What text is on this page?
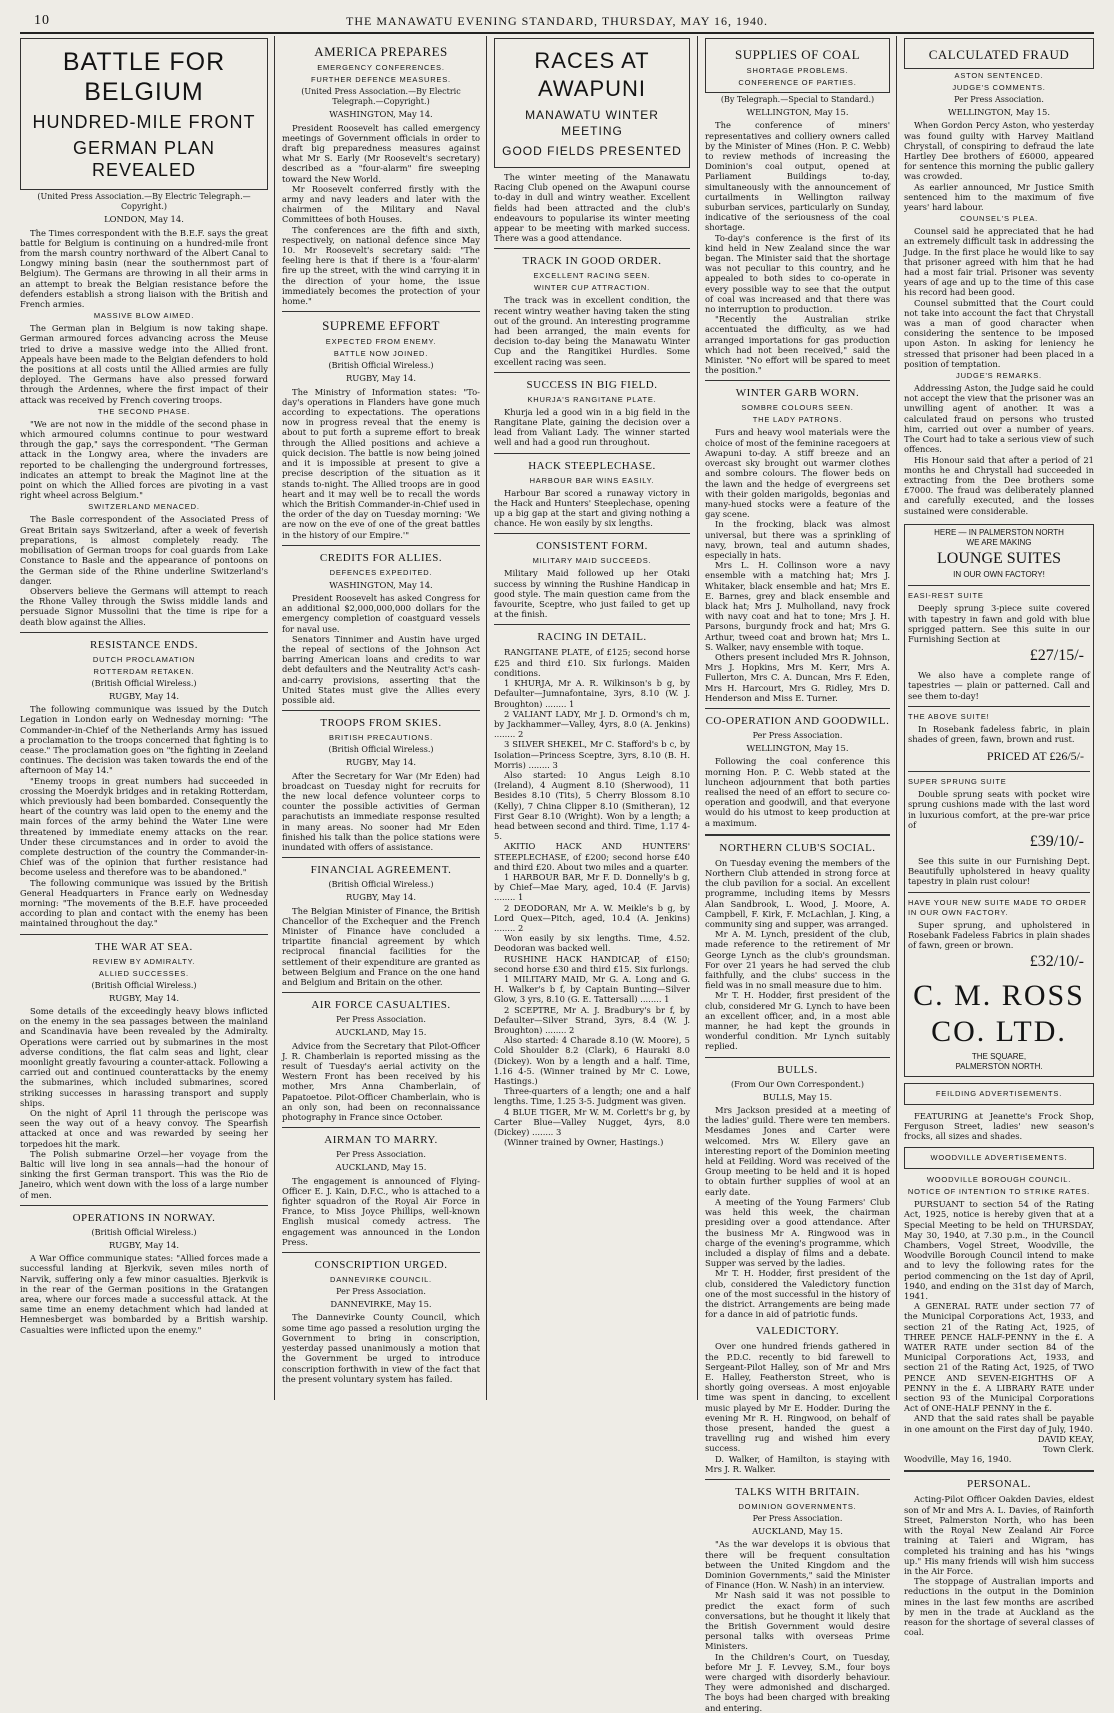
10	THE MANAWATU EVENING STANDARD, THURSDAY, MAY 16, 1940.
BATTLE FOR BELGIUM
HUNDRED-MILE FRONT
GERMAN PLAN REVEALED
(United Press Association.—By Electric Telegraph.—Copyright.)
LONDON, May 14.

The Times correspondent with the B.E.F. says the great battle for Belgium is continuing on a hundred-mile front from the marsh country northward of the Albert Canal to Longwy mining basin (near the southernmost part of Belgium). The Germans are throwing in all their arms in an attempt to break the Belgian resistance before the defenders establish a strong liaison with the British and French armies.

MASSIVE BLOW AIMED.

The German plan in Belgium is now taking shape. German armoured forces advancing across the Meuse tried to drive a massive wedge into the Allied front. Appeals have been made to the Belgian defenders to hold the positions at all costs until the Allied armies are fully deployed. The Germans have also pressed forward through the Ardennes, where the first impact of their attack was received by French covering troops.

THE SECOND PHASE.

"We are not now in the middle of the second phase in which armoured columns continue to pour westward through the gap," says the correspondent. "The German attack in the Longwy area, where the invaders are reported to be challenging the underground fortresses, indicates an attempt to break the Maginot line at the point on which the Allied forces are pivoting in a vast right wheel across Belgium."

SWITZERLAND MENACED.

The Basle correspondent of the Associated Press of Great Britain says Switzerland, after a week of feverish preparations, is almost completely ready. The mobilisation of German troops for coal guards from Lake Constance to Basle and the appearance of pontoons on the German side of the Rhine underline Switzerland's danger.

Observers believe the Germans will attempt to reach the Rhone Valley through the Swiss middle lands and persuade Signor Mussolini that the time is ripe for a death blow against the Allies.

RESISTANCE ENDS.
DUTCH PROCLAMATION
ROTTERDAM RETAKEN.
(British Official Wireless.)
RUGBY, May 14.

The following communique was issued by the Dutch Legation in London early on Wednesday morning: "The Commander-in-Chief of the Netherlands Army has issued a proclamation to the troops concerned that fighting is to cease." The proclamation goes on "the fighting in Zeeland continues. The decision was taken towards the end of the afternoon of May 14."

"Enemy troops in great numbers had succeeded in crossing the Moerdyk bridges and in retaking Rotterdam, which previously had been bombarded. Consequently the heart of the country was laid open to the enemy and the main forces of the army behind the Water Line were threatened by immediate enemy attacks on the rear. Under these circumstances and in order to avoid the complete destruction of the country the Commander-in-Chief was of the opinion that further resistance had become useless and therefore was to be abandoned."

The following communique was issued by the British General Headquarters in France early on Wednesday morning: "The movements of the B.E.F. have proceeded according to plan and contact with the enemy has been maintained throughout the day."

THE WAR AT SEA.
REVIEW BY ADMIRALTY.
ALLIED SUCCESSES.
(British Official Wireless.)
RUGBY, May 14.

Some details of the exceedingly heavy blows inflicted on the enemy in the sea passages between the mainland and Scandinavia have been revealed by the Admiralty. Operations were carried out by submarines in the most adverse conditions, the flat calm seas and light, clear moonlight greatly favouring a counter-attack. Following a carried out and continued counterattacks by the enemy the submarines, which included submarines, scored striking successes in harassing transport and supply ships.

On the night of April 11 through the periscope was seen the way out of a heavy convoy. The Spearfish attacked at once and was rewarded by seeing her torpedoes hit the mark.

The Polish submarine Orzel—her voyage from the Baltic will live long in sea annals—had the honour of sinking the first German transport. This was the Rio de Janeiro, which went down with the loss of a large number of men.

OPERATIONS IN NORWAY.
(British Official Wireless.)
RUGBY, May 14.

A War Office communique states: "Allied forces made a successful landing at Bjerkvik, seven miles north of Narvik, suffering only a few minor casualties. Bjerkvik is in the rear of the German positions in the Gratangen area, where our forces made a successful attack. At the same time an enemy detachment which had landed at Hemnesberget was bombarded by a British warship. Casualties were inflicted upon the enemy."

AMERICA PREPARES
EMERGENCY CONFERENCES.
FURTHER DEFENCE MEASURES.
(United Press Association.—By Electric Telegraph.—Copyright.)
WASHINGTON, May 14.

President Roosevelt has called emergency meetings of Government officials in order to draft big preparedness measures against what Mr S. Early (Mr Roosevelt's secretary) described as a "four-alarm" fire sweeping toward the New World.

Mr Roosevelt conferred firstly with the army and navy leaders and later with the chairmen of the Military and Naval Committees of both Houses.

The conferences are the fifth and sixth, respectively, on national defence since May 10. Mr Roosevelt's secretary said: "The feeling here is that if there is a 'four-alarm' fire up the street, with the wind carrying it in the direction of your home, the issue immediately becomes the protection of your home."

SUPREME EFFORT
EXPECTED FROM ENEMY.
BATTLE NOW JOINED.
(British Official Wireless.)
RUGBY, May 14.

The Ministry of Information states: "To-day's operations in Flanders have gone much according to expectations. The operations now in progress reveal that the enemy is about to put forth a supreme effort to break through the Allied positions and achieve a quick decision. The battle is now being joined and it is impossible at present to give a precise description of the situation as it stands to-night. The Allied troops are in good heart and it may well be to recall the words which the British Commander-in-Chief used in the order of the day on Tuesday morning: 'We are now on the eve of one of the great battles in the history of our Empire.'"

CREDITS FOR ALLIES.
DEFENCES EXPEDITED.
WASHINGTON, May 14.

President Roosevelt has asked Congress for an additional $2,000,000,000 dollars for the emergency completion of coastguard vessels for naval use.

Senators Tinnimer and Austin have urged the repeal of sections of the Johnson Act barring American loans and credits to war debt defaulters and the Neutrality Act's cash-and-carry provisions, asserting that the United States must give the Allies every possible aid.

TROOPS FROM SKIES.
BRITISH PRECAUTIONS.
(British Official Wireless.)
RUGBY, May 14.

After the Secretary for War (Mr Eden) had broadcast on Tuesday night for recruits for the new local defence volunteer corps to counter the possible activities of German parachutists an immediate response resulted in many areas. No sooner had Mr Eden finished his talk than the police stations were inundated with offers of assistance.

FINANCIAL AGREEMENT.
(British Official Wireless.)
RUGBY, May 14.

The Belgian Minister of Finance, the British Chancellor of the Exchequer and the French Minister of Finance have concluded a tripartite financial agreement by which reciprocal financial facilities for the settlement of their expenditure are granted as between Belgium and France on the one hand and Belgium and Britain on the other.

AIR FORCE CASUALTIES.
Per Press Association.
AUCKLAND, May 15.

Advice from the Secretary that Pilot-Officer J. R. Chamberlain is reported missing as the result of Tuesday's aerial activity on the Western Front has been received by his mother, Mrs Anna Chamberlain, of Papatoetoe. Pilot-Officer Chamberlain, who is an only son, had been on reconnaissance photography in France since October.

AIRMAN TO MARRY.
Per Press Association.
AUCKLAND, May 15.

The engagement is announced of Flying-Officer E. J. Kain, D.F.C., who is attached to a fighter squadron of the Royal Air Force in France, to Miss Joyce Phillips, well-known English musical comedy actress. The engagement was announced in the London Press.

CONSCRIPTION URGED.
DANNEVIRKE COUNCIL.
Per Press Association.
DANNEVIRKE, May 15.

The Dannevirke County Council, which some time ago passed a resolution urging the Government to bring in conscription, yesterday passed unanimously a motion that the Government be urged to introduce conscription forthwith in view of the fact that the present voluntary system has failed.

RACES AT AWAPUNI
MANAWATU WINTER MEETING
GOOD FIELDS PRESENTED

The winter meeting of the Manawatu Racing Club opened on the Awapuni course to-day in dull and wintry weather. Excellent fields had been attracted and the club's endeavours to popularise its winter meeting appear to be meeting with marked success. There was a good attendance.

TRACK IN GOOD ORDER.
EXCELLENT RACING SEEN.
WINTER CUP ATTRACTION.

The track was in excellent condition, the recent wintry weather having taken the sting out of the ground. An interesting programme had been arranged, the main events for decision to-day being the Manawatu Winter Cup and the Rangitikei Hurdles. Some excellent racing was seen.

SUCCESS IN BIG FIELD.
KHURJA'S RANGITANE PLATE.

Khurja led a good win in a big field in the Rangitane Plate, gaining the decision over a lead from Valiant Lady. The winner started well and had a good run throughout.

HACK STEEPLECHASE.
HARBOUR BAR WINS EASILY.

Harbour Bar scored a runaway victory in the Hack and Hunters' Steeplechase, opening up a big gap at the start and giving nothing a chance. He won easily by six lengths.

CONSISTENT FORM.
MILITARY MAID SUCCEEDS.

Military Maid followed up her Otaki success by winning the Rushine Handicap in good style. The main question came from the favourite, Sceptre, who just failed to get up at the finish.

RACING IN DETAIL.

RANGITANE PLATE, of £125; second horse £25 and third £10. Six furlongs. Maiden conditions.

1 KHURJA, Mr A. R. Wilkinson's b g, by Defaulter—Jumnafontaine, 3yrs, 8.10 (W. J. Broughton) ........ 1

2 VALIANT LADY, Mr J. D. Ormond's ch m, by Jackhammer—Valley, 4yrs, 8.0 (A. Jenkins) ........ 2

3 SILVER SHEKEL, Mr C. Stafford's b c, by Isolation—Princess Sceptre, 3yrs, 8.10 (B. H. Morris) ........ 3

Also started: 10 Angus Leigh 8.10 (Ireland), 4 Augment 8.10 (Sherwood), 11 Besides 8.10 (Tits), 5 Cherry Blossom 8.10 (Kelly), 7 China Clipper 8.10 (Smitheran), 12 First Gear 8.10 (Wright). Won by a length; a head between second and third. Time, 1.17 4-5.

AKITIO HACK AND HUNTERS' STEEPLECHASE, of £200; second horse £40 and third £20. About two miles and a quarter.

1 HARBOUR BAR, Mr F. D. Donnelly's b g, by Chief—Mae Mary, aged, 10.4 (F. Jarvis) ........ 1

2 DEODORAN, Mr A. W. Meikle's b g, by Lord Quex—Pitch, aged, 10.4 (A. Jenkins) ........ 2

Won easily by six lengths. Time, 4.52. Deodoran was backed well.

RUSHINE HACK HANDICAP, of £150; second horse £30 and third £15. Six furlongs.

1 MILITARY MAID, Mr G. A. Long and G. H. Walker's b f, by Captain Bunting—Silver Glow, 3 yrs, 8.10 (G. E. Tattersall) ........ 1

2 SCEPTRE, Mr A. J. Bradbury's br f, by Defaulter—Silver Strand, 3yrs, 8.4 (W. J. Broughton) ........ 2

Also started: 4 Charade 8.10 (W. Moore), 5 Cold Shoulder 8.2 (Clark), 6 Hauraki 8.0 (Dickey). Won by a length and a half. Time, 1.16 4-5. (Winner trained by Mr C. Lowe, Hastings.)

Three-quarters of a length; one and a half lengths. Time, 1.25 3-5. Judgment was given.

4 BLUE TIGER, Mr W. M. Corlett's br g, by Carter Blue—Valley Nugget, 4yrs, 8.0 (Dickey) ........ 3

(Winner trained by Owner, Hastings.)

SUPPLIES OF COAL
SHORTAGE PROBLEMS.
CONFERENCE OF PARTIES.
(By Telegraph.—Special to Standard.)
WELLINGTON, May 15.

The conference of miners' representatives and colliery owners called by the Minister of Mines (Hon. P. C. Webb) to review methods of increasing the Dominion's coal output, opened at Parliament Buildings to-day, simultaneously with the announcement of curtailments in Wellington railway suburban services, particularly on Sunday, indicative of the seriousness of the coal shortage.

To-day's conference is the first of its kind held in New Zealand since the war began. The Minister said that the shortage was not peculiar to this country, and he appealed to both sides to co-operate in every possible way to see that the output of coal was increased and that there was no interruption to production.

"Recently the Australian strike accentuated the difficulty, as we had arranged importations for gas production which had not been received," said the Minister. "No effort will be spared to meet the position."

WINTER GARB WORN.
SOMBRE COLOURS SEEN.
THE LADY PATRONS.

Furs and heavy wool materials were the choice of most of the feminine racegoers at Awapuni to-day. A stiff breeze and an overcast sky brought out warmer clothes and sombre colours. The flower beds on the lawn and the hedge of evergreens set with their golden marigolds, begonias and many-hued stocks were a feature of the gay scene.

In the frocking, black was almost universal, but there was a sprinkling of navy, brown, teal and autumn shades, especially in hats.

Mrs L. H. Collinson wore a navy ensemble with a matching hat; Mrs J. Whitaker, black ensemble and hat; Mrs E. E. Barnes, grey and black ensemble and black hat; Mrs J. Mulholland, navy frock with navy coat and hat to tone; Mrs J. H. Parsons, burgundy frock and hat; Mrs G. Arthur, tweed coat and brown hat; Mrs L. S. Walker, navy ensemble with toque.

Others present included Mrs R. Johnson, Mrs J. Hopkins, Mrs M. Kerr, Mrs A. Fullerton, Mrs C. A. Duncan, Mrs F. Eden, Mrs H. Harcourt, Mrs G. Ridley, Mrs D. Henderson and Miss E. Turner.

CO-OPERATION AND GOODWILL.
Per Press Association.
WELLINGTON, May 15.

Following the coal conference this morning Hon. P. C. Webb stated at the luncheon adjournment that both parties realised the need of an effort to secure co-operation and goodwill, and that everyone would do his utmost to keep production at a maximum.

NORTHERN CLUB'S SOCIAL.

On Tuesday evening the members of the Northern Club attended in strong force at the club pavilion for a social. An excellent programme, including items by Messrs Alan Sandbrook, L. Wood, J. Moore, A. Campbell, F. Kirk, F. McLachlan, J. King, a community sing and supper, was arranged.

Mr A. M. Lynch, president of the club, made reference to the retirement of Mr George Lynch as the club's groundsman. For over 21 years he had served the club faithfully, and the clubs' success in the field was in no small measure due to him.

Mr T. H. Hodder, first president of the club, considered Mr G. Lynch to have been an excellent officer, and, in a most able manner, he had kept the grounds in wonderful condition. Mr Lynch suitably replied.

BULLS.
(From Our Own Correspondent.)
BULLS, May 15.

Mrs Jackson presided at a meeting of the ladies' guild. There were ten members. Mesdames Jones and Carter were welcomed. Mrs W. Ellery gave an interesting report of the Dominion meeting held at Feilding. Word was received of the Group meeting to be held and it is hoped to obtain further supplies of wool at an early date.

A meeting of the Young Farmers' Club was held this week, the chairman presiding over a good attendance. After the business Mr A. Ringwood was in charge of the evening's programme, which included a display of films and a debate. Supper was served by the ladies.

Mr T. H. Hodder, first president of the club, considered the Valedictory function one of the most successful in the history of the district. Arrangements are being made for a dance in aid of patriotic funds.

VALEDICTORY.

Over one hundred friends gathered in the P.D.C. recently to bid farewell to Sergeant-Pilot Halley, son of Mr and Mrs E. Halley, Featherston Street, who is shortly going overseas. A most enjoyable time was spent in dancing, to excellent music played by Mr E. Hodder. During the evening Mr R. H. Ringwood, on behalf of those present, handed the guest a travelling rug and wished him every success.

D. Walker, of Hamilton, is staying with Mrs J. R. Walker.

TALKS WITH BRITAIN.
DOMINION GOVERNMENTS.
Per Press Association.
AUCKLAND, May 15.

"As the war develops it is obvious that there will be frequent consultation between the United Kingdom and the Dominion Governments," said the Minister of Finance (Hon. W. Nash) in an interview.

Mr Nash said it was not possible to predict the exact form of such conversations, but he thought it likely that the British Government would desire personal talks with overseas Prime Ministers.

In the Children's Court, on Tuesday, before Mr J. F. Levvey, S.M., four boys were charged with disorderly behaviour. They were admonished and discharged. The boys had been charged with breaking and entering.

CALCULATED FRAUD
ASTON SENTENCED.
JUDGE'S COMMENTS.
Per Press Association.
WELLINGTON, May 15.

When Gordon Percy Aston, who yesterday was found guilty with Harvey Maitland Chrystall, of conspiring to defraud the late Hartley Dee brothers of £6000, appeared for sentence this morning the public gallery was crowded.

As earlier announced, Mr Justice Smith sentenced him to the maximum of five years' hard labour.

COUNSEL'S PLEA.

Counsel said he appreciated that he had an extremely difficult task in addressing the Judge. In the first place he would like to say that prisoner agreed with him that he had had a most fair trial. Prisoner was seventy years of age and up to the time of this case his record had been good.

Counsel submitted that the Court could not take into account the fact that Chrystall was a man of good character when considering the sentence to be imposed upon Aston. In asking for leniency he stressed that prisoner had been placed in a position of temptation.

JUDGE'S REMARKS.

Addressing Aston, the Judge said he could not accept the view that the prisoner was an unwilling agent of another. It was a calculated fraud on persons who trusted him, carried out over a number of years. The Court had to take a serious view of such offences.

His Honour said that after a period of 21 months he and Chrystall had succeeded in extracting from the Dee brothers some £7000. The fraud was deliberately planned and carefully executed, and the losses sustained were considerable.

HERE — IN PALMERSTON NORTH
WE ARE MAKING
LOUNGE SUITES
IN OUR OWN FACTORY!
EASI-REST SUITE

Deeply sprung 3-piece suite covered with tapestry in fawn and gold with blue sprigged pattern. See this suite in our Furnishing Section at

£27/15/-

We also have a complete range of tapestries — plain or patterned. Call and see them to-day!

THE ABOVE SUITE!

In Rosebank fadeless fabric, in plain shades of green, fawn, brown and rust.

PRICED AT £26/5/-
SUPER SPRUNG SUITE

Double sprung seats with pocket wire sprung cushions made with the last word in luxurious comfort, at the pre-war price of

£39/10/-

See this suite in our Furnishing Dept. Beautifully upholstered in heavy quality tapestry in plain rust colour!

HAVE YOUR NEW SUITE MADE TO ORDER IN OUR OWN FACTORY.

Super sprung, and upholstered in Rosebank Fadeless Fabrics in plain shades of fawn, green or brown.

£32/10/-
C. M. ROSS CO. LTD.
THE SQUARE,
PALMERSTON NORTH.
FEILDING ADVERTISEMENTS.

FEATURING at Jeanette's Frock Shop, Ferguson Street, ladies' new season's frocks, all sizes and shades.

WOODVILLE ADVERTISEMENTS.
WOODVILLE BOROUGH COUNCIL.
NOTICE OF INTENTION TO STRIKE RATES.

PURSUANT to section 54 of the Rating Act, 1925, notice is hereby given that at a Special Meeting to be held on THURSDAY, May 30, 1940, at 7.30 p.m., in the Council Chambers, Vogel Street, Woodville, the Woodville Borough Council intend to make and to levy the following rates for the period commencing on the 1st day of April, 1940, and ending on the 31st day of March, 1941.

A GENERAL RATE under section 77 of the Municipal Corporations Act, 1933, and section 21 of the Rating Act, 1925, of THREE PENCE HALF-PENNY in the £. A WATER RATE under section 84 of the Municipal Corporations Act, 1933, and section 21 of the Rating Act, 1925, of TWO PENCE AND SEVEN-EIGHTHS OF A PENNY in the £. A LIBRARY RATE under section 93 of the Municipal Corporations Act of ONE-HALF PENNY in the £.

AND that the said rates shall be payable in one amount on the First day of July, 1940.

DAVID KEAY,
Town Clerk.
Woodville, May 16, 1940.
PERSONAL.

Acting-Pilot Officer Oakden Davies, eldest son of Mr and Mrs A. L. Davies, of Rainforth Street, Palmerston North, who has been with the Royal New Zealand Air Force training at Taieri and Wigram, has completed his training and has his "wings up." His many friends will wish him success in the Air Force.

The stoppage of Australian imports and reductions in the output in the Dominion mines in the last few months are ascribed by men in the trade at Auckland as the reason for the shortage of several classes of coal.
